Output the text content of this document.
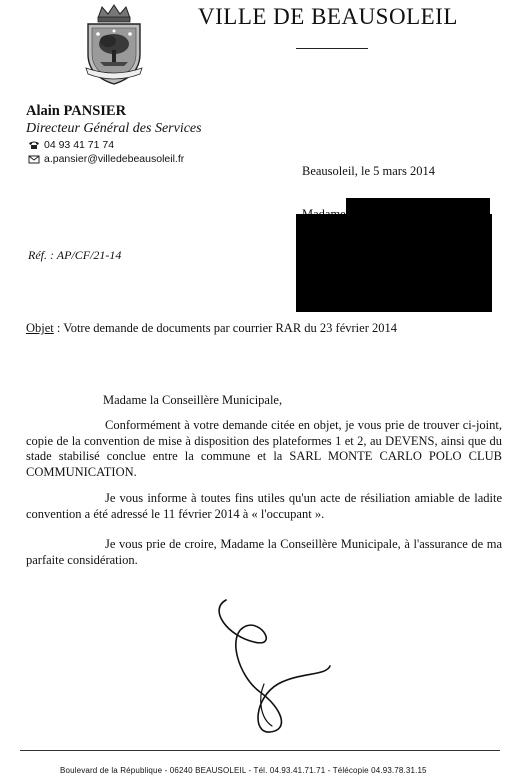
VILLE DE BEAUSOLEIL
Alain PANSIER
Directeur Général des Services
04 93 41 71 74
a.pansier@villedebeausoleil.fr
Beausoleil, le 5 mars 2014
Réf. : AP/CF/21-14
Objet : Votre demande de documents par courrier RAR du 23 février 2014
Madame la Conseillère Municipale,
Conformément à votre demande citée en objet, je vous prie de trouver ci-joint, copie de la convention de mise à disposition des plateformes 1 et 2, au DEVENS, ainsi que du stade stabilisé conclue entre la commune et la SARL MONTE CARLO POLO CLUB COMMUNICATION.
Je vous informe à toutes fins utiles qu'un acte de résiliation amiable de ladite convention a été adressé le 11 février 2014 à « l'occupant ».
Je vous prie de croire, Madame la Conseillère Municipale, à l'assurance de ma parfaite considération.
Boulevard de la République - 06240 BEAUSOLEIL - Tél. 04.93.41.71.71 - Télécopie 04.93.78.31.15
